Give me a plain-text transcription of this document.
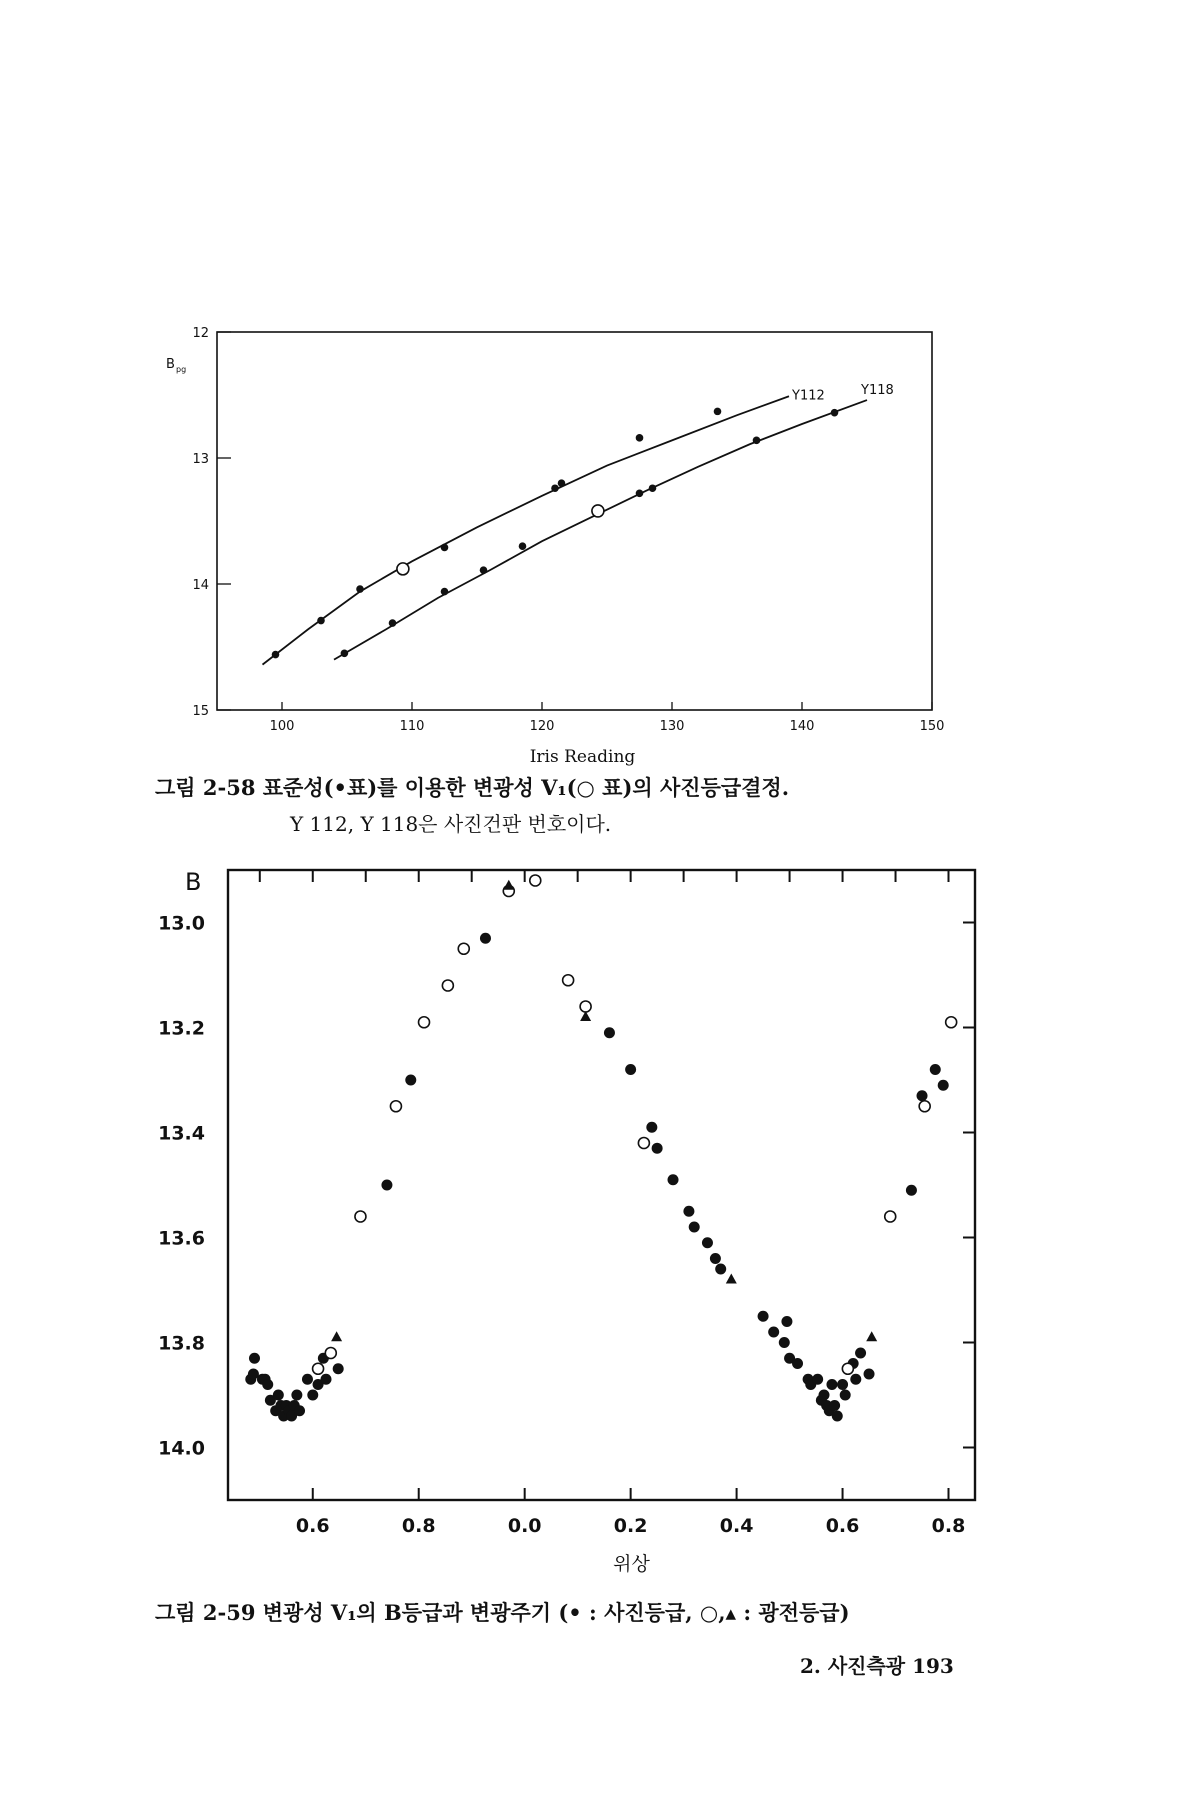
100	110	120	130	140	150
12
13
14
15
B pg
Iris Reading
Y112	Y118
0.6	0.8	0.0	0.2	0.4	0.6	0.8
13.0
13.2
13.4
13.6
13.8
14.0
B
위상
그림 2-58 표준성(•표)를 이용한 변광성 V₁(○ 표)의 사진등급결정.
Y 112, Y 118은 사진건판 번호이다.
그림 2-59 변광성 V₁의 B등급과 변광주기 (• : 사진등급, ○,▴ : 광전등급)
2. 사진측광 193
